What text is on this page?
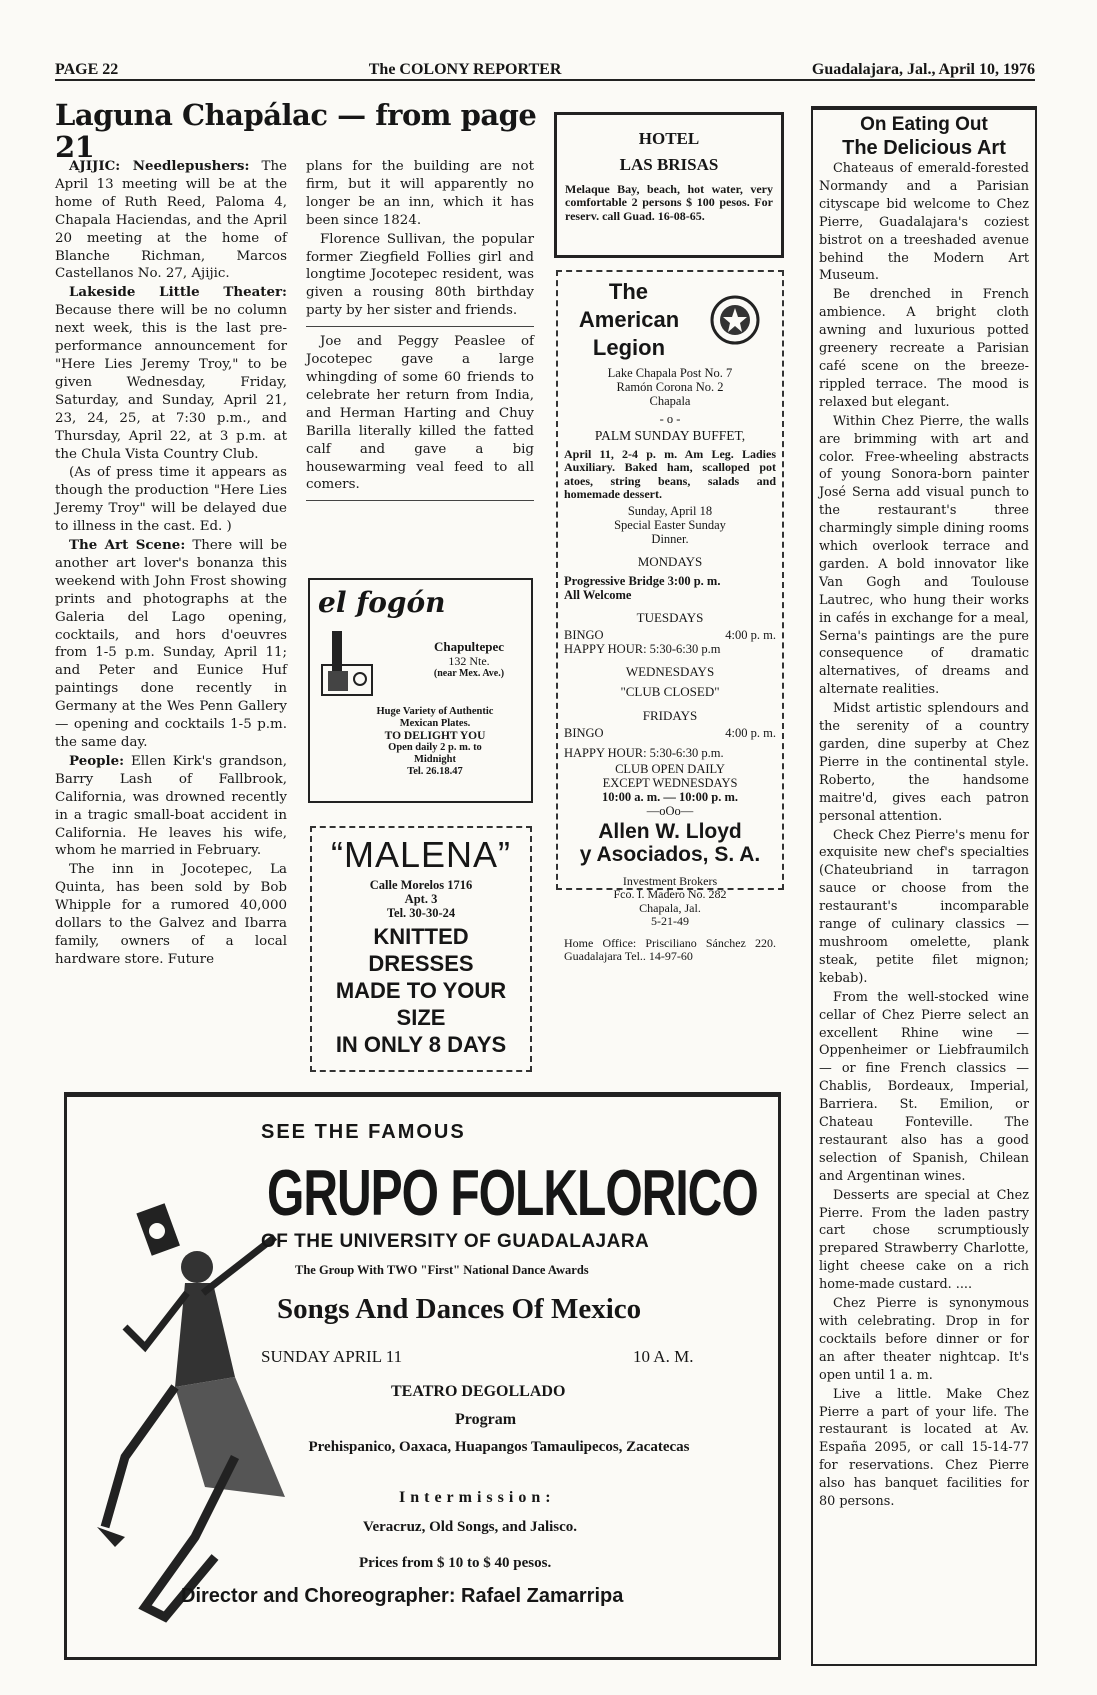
PAGE 22	The COLONY REPORTER	Guadalajara, Jal., April 10, 1976
Laguna Chapálac — from page 21

AJIJIC: Needlepushers: The April 13 meeting will be at the home of Ruth Reed, Paloma 4, Chapala Haciendas, and the April 20 meeting at the home of Blanche Richman, Marcos Castellanos No. 27, Ajijic.

Lakeside Little Theater: Because there will be no column next week, this is the last pre-performance announcement for "Here Lies Jeremy Troy," to be given Wednesday, Friday, Saturday, and Sunday, April 21, 23, 24, 25, at 7:30 p.m., and Thursday, April 22, at 3 p.m. at the Chula Vista Country Club.

(As of press time it appears as though the production "Here Lies Jeremy Troy" will be delayed due to illness in the cast. Ed. )

The Art Scene: There will be another art lover's bonanza this weekend with John Frost showing prints and photographs at the Galeria del Lago opening, cocktails, and hors d'oeuvres from 1-5 p.m. Sunday, April 11; and Peter and Eunice Huf paintings done recently in Germany at the Wes Penn Gallery — opening and cocktails 1-5 p.m. the same day.

People: Ellen Kirk's grandson, Barry Lash of Fallbrook, California, was drowned recently in a tragic small-boat accident in California. He leaves his wife, whom he married in February.

The inn in Jocotepec, La Quinta, has been sold by Bob Whipple for a rumored 40,000 dollars to the Galvez and Ibarra family, owners of a local hardware store. Future

plans for the building are not firm, but it will apparently no longer be an inn, which it has been since 1824.

Florence Sullivan, the popular former Ziegfield Follies girl and longtime Jocotepec resident, was given a rousing 80th birthday party by her sister and friends.

Joe and Peggy Peaslee of Jocotepec gave a large whingding of some 60 friends to celebrate her return from India, and Herman Harting and Chuy Barilla literally killed the fatted calf and gave a big housewarming veal feed to all comers.

el fogón
Chapultepec
132 Nte.
(near Mex. Ave.)
Huge Variety of Authentic
Mexican Plates.
TO DELIGHT YOU
Open daily 2 p. m. to
Midnight
Tel. 26.18.47
“MALENA”
Calle Morelos 1716
Apt. 3
Tel. 30-30-24
KNITTED
DRESSES
MADE TO YOUR
SIZE
IN ONLY 8 DAYS
HOTEL
LAS BRISAS
Melaque Bay, beach, hot water, very comfortable 2 persons $ 100 pesos. For reserv. call Guad. 16-08-65.
The
American
Legion
Lake Chapala Post No. 7
Ramón Corona No. 2
Chapala
- o -
PALM SUNDAY BUFFET,
April 11, 2-4 p. m. Am Leg. Ladies Auxiliary. Baked ham, scalloped pot atoes, string beans, salads and homemade dessert.
Sunday, April 18
Special Easter Sunday
Dinner.
MONDAYS
Progressive Bridge 3:00 p. m.
All Welcome
TUESDAYS
BINGO	4:00 p. m.
HAPPY HOUR: 5:30-6:30 p.m
WEDNESDAYS
"CLUB CLOSED"
FRIDAYS
BINGO	4:00 p. m.
HAPPY HOUR: 5:30-6:30 p.m.
CLUB OPEN DAILY
EXCEPT WEDNESDAYS
10:00 a. m. — 10:00 p. m.
—oOo—
Allen W. Lloyd
y Asociados, S. A.
Investment Brokers
Fco. I. Madero No. 282
Chapala, Jal.
5-21-49
Home Office: Prisciliano Sánchez 220. Guadalajara Tel.. 14-97-60
SEE THE FAMOUS
GRUPO FOLKLORICO
OF THE UNIVERSITY OF GUADALAJARA
The Group With TWO "First" National Dance Awards
Songs And Dances Of Mexico
SUNDAY APRIL 11	10 A. M.
TEATRO DEGOLLADO
Program
Prehispanico, Oaxaca, Huapangos Tamaulipecos, Zacatecas
Intermission:
Veracruz, Old Songs, and Jalisco.
Prices from $ 10 to $ 40 pesos.
Director and Choreographer: Rafael Zamarripa
On Eating Out
The Delicious Art

Chateaus of emerald-forested Normandy and a Parisian cityscape bid welcome to Chez Pierre, Guadalajara's coziest bistrot on a treeshaded avenue behind the Modern Art Museum.

Be drenched in French ambience. A bright cloth awning and luxurious potted greenery recreate a Parisian café scene on the breeze-rippled terrace. The mood is relaxed but elegant.

Within Chez Pierre, the walls are brimming with art and color. Free-wheeling abstracts of young Sonora-born painter José Serna add visual punch to the restaurant's three charmingly simple dining rooms which overlook terrace and garden. A bold innovator like Van Gogh and Toulouse Lautrec, who hung their works in cafés in exchange for a meal, Serna's paintings are the pure consequence of dramatic alternatives, of dreams and alternate realities.

Midst artistic splendours and the serenity of a country garden, dine superby at Chez Pierre in the continental style. Roberto, the handsome maitre'd, gives each patron personal attention.

Check Chez Pierre's menu for exquisite new chef's specialties (Chateubriand in tarragon sauce or choose from the restaurant's incomparable range of culinary classics — mushroom omelette, plank steak, petite filet mignon; kebab).

From the well-stocked wine cellar of Chez Pierre select an excellent Rhine wine — Oppenheimer or Liebfraumilch — or fine French classics — Chablis, Bordeaux, Imperial, Barriera. St. Emilion, or Chateau Fonteville. The restaurant also has a good selection of Spanish, Chilean and Argentinan wines.

Desserts are special at Chez Pierre. From the laden pastry cart chose scrumptiously prepared Strawberry Charlotte, light cheese cake on a rich home-made custard. ....

Chez Pierre is synonymous with celebrating. Drop in for cocktails before dinner or for an after theater nightcap. It's open until 1 a. m.

Live a little. Make Chez Pierre a part of your life. The restaurant is located at Av. España 2095, or call 15-14-77 for reservations. Chez Pierre also has banquet facilities for 80 persons.
